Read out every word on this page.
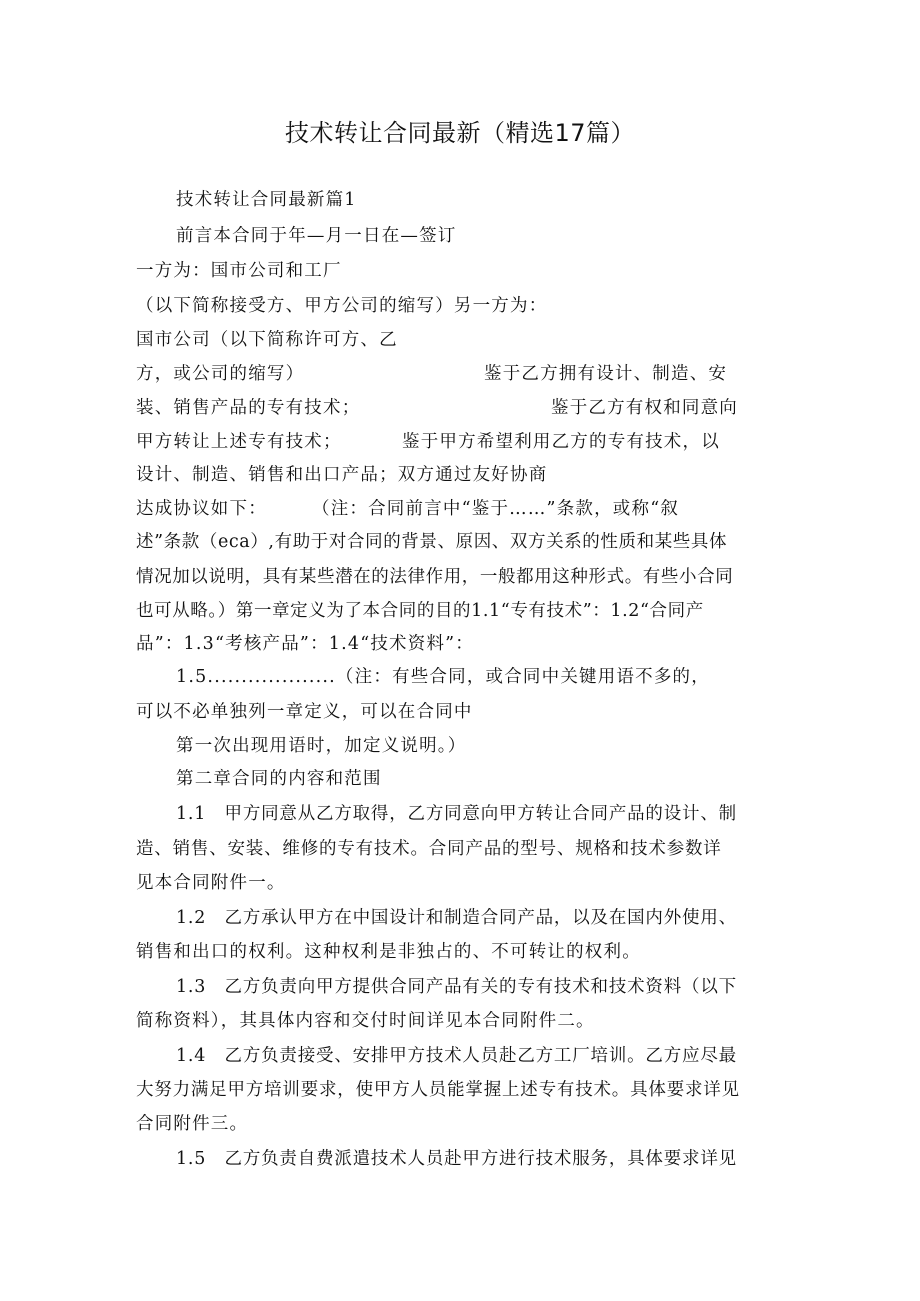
技术转让合同最新（精选17篇）

技术转让合同最新篇1

前言本合同于年—月一日在—签订

一方为：国市公司和工厂

（以下简称接受方、甲方公司的缩写）另一方为：

国市公司（以下简称许可方、乙

方，或公司的缩写）	鉴于乙方拥有设计、制造、安

装、销售产品的专有技术；	鉴于乙方有权和同意向

甲方转让上述专有技术；	鉴于甲方希望利用乙方的专有技术，以

设计、制造、销售和出口产品；双方通过友好协商

达成协议如下：	（注：合同前言中“鉴于……”条款，或称“叙

述”条款（eca）,有助于对合同的背景、原因、双方关系的性质和某些具体

情况加以说明，具有某些潜在的法律作用，一般都用这种形式。有些小合同

也可从略。）第一章定义为了本合同的目的1.1“专有技术”：1.2“合同产

品”：1.3“考核产品”：1.4“技术资料”：

1.5...................（注：有些合同，或合同中关键用语不多的，

可以不必单独列一章定义，可以在合同中

第一次出现用语时，加定义说明。）

第二章合同的内容和范围

1.1　甲方同意从乙方取得，乙方同意向甲方转让合同产品的设计、制

造、销售、安装、维修的专有技术。合同产品的型号、规格和技术参数详

见本合同附件一。

1.2　乙方承认甲方在中国设计和制造合同产品，以及在国内外使用、

销售和出口的权利。这种权利是非独占的、不可转让的权利。

1.3　乙方负责向甲方提供合同产品有关的专有技术和技术资料（以下

简称资料），其具体内容和交付时间详见本合同附件二。

1.4　乙方负责接受、安排甲方技术人员赴乙方工厂培训。乙方应尽最

大努力满足甲方培训要求，使甲方人员能掌握上述专有技术。具体要求详见

合同附件三。

1.5　乙方负责自费派遣技术人员赴甲方进行技术服务，具体要求详见
